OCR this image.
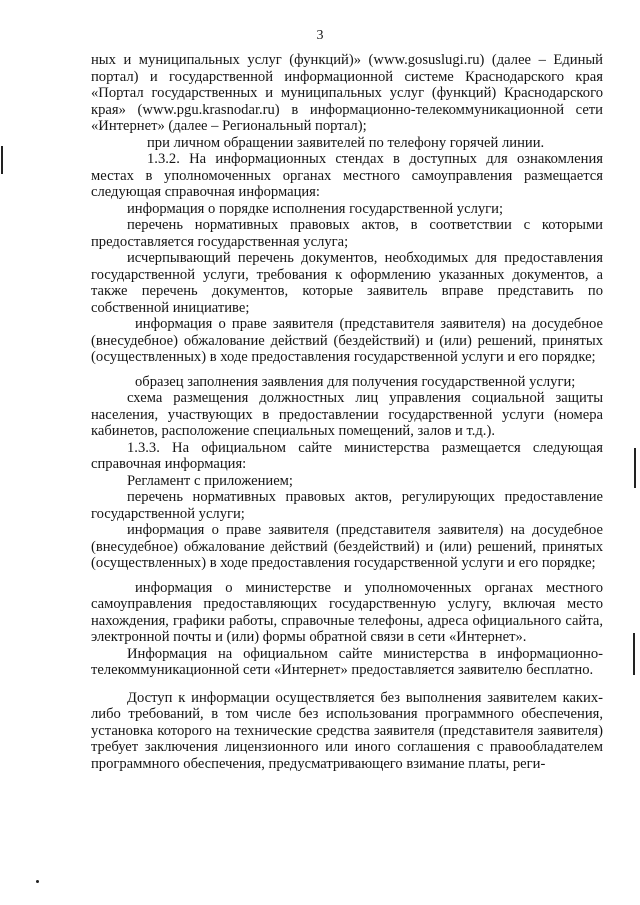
3

ных и муниципальных услуг (функций)» (www.gosuslugi.ru) (далее – Единый портал) и государственной информационной системе Краснодарского края «Портал государственных и муниципальных услуг (функций) Краснодарского края» (www.pgu.krasnodar.ru) в информационно-телекоммуникационной сети «Интернет» (далее – Региональный портал);

при личном обращении заявителей по телефону горячей линии.

1.3.2. На информационных стендах в доступных для ознакомления местах в уполномоченных органах местного самоуправления размещается следующая справочная информация:

информация о порядке исполнения государственной услуги;

перечень нормативных правовых актов, в соответствии с которыми предоставляется государственная услуга;

исчерпывающий перечень документов, необходимых для предоставления государственной услуги, требования к оформлению указанных документов, а также перечень документов, которые заявитель вправе представить по собственной инициативе;

информация о праве заявителя (представителя заявителя) на досудебное (внесудебное) обжалование действий (бездействий) и (или) решений, принятых (осуществленных) в ходе предоставления государственной услуги и его порядке;

образец заполнения заявления для получения государственной услуги;

схема размещения должностных лиц управления социальной защиты населения, участвующих в предоставлении государственной услуги (номера кабинетов, расположение специальных помещений, залов и т.д.).

1.3.3. На официальном сайте министерства размещается следующая справочная информация:

Регламент с приложением;

перечень нормативных правовых актов, регулирующих предоставление государственной услуги;

информация о праве заявителя (представителя заявителя) на досудебное (внесудебное) обжалование действий (бездействий) и (или) решений, принятых (осуществленных) в ходе предоставления государственной услуги и его порядке;

информация о министерстве и уполномоченных органах местного самоуправления предоставляющих государственную услугу, включая место нахождения, графики работы, справочные телефоны, адреса официального сайта, электронной почты и (или) формы обратной связи в сети «Интернет».

Информация на официальном сайте министерства в информационно-телекоммуникационной сети «Интернет» предоставляется заявителю бесплатно.

Доступ к информации осуществляется без выполнения заявителем каких-либо требований, в том числе без использования программного обеспечения, установка которого на технические средства заявителя (представителя заявителя) требует заключения лицензионного или иного соглашения с правообладателем программного обеспечения, предусматривающего взимание платы, реги-
